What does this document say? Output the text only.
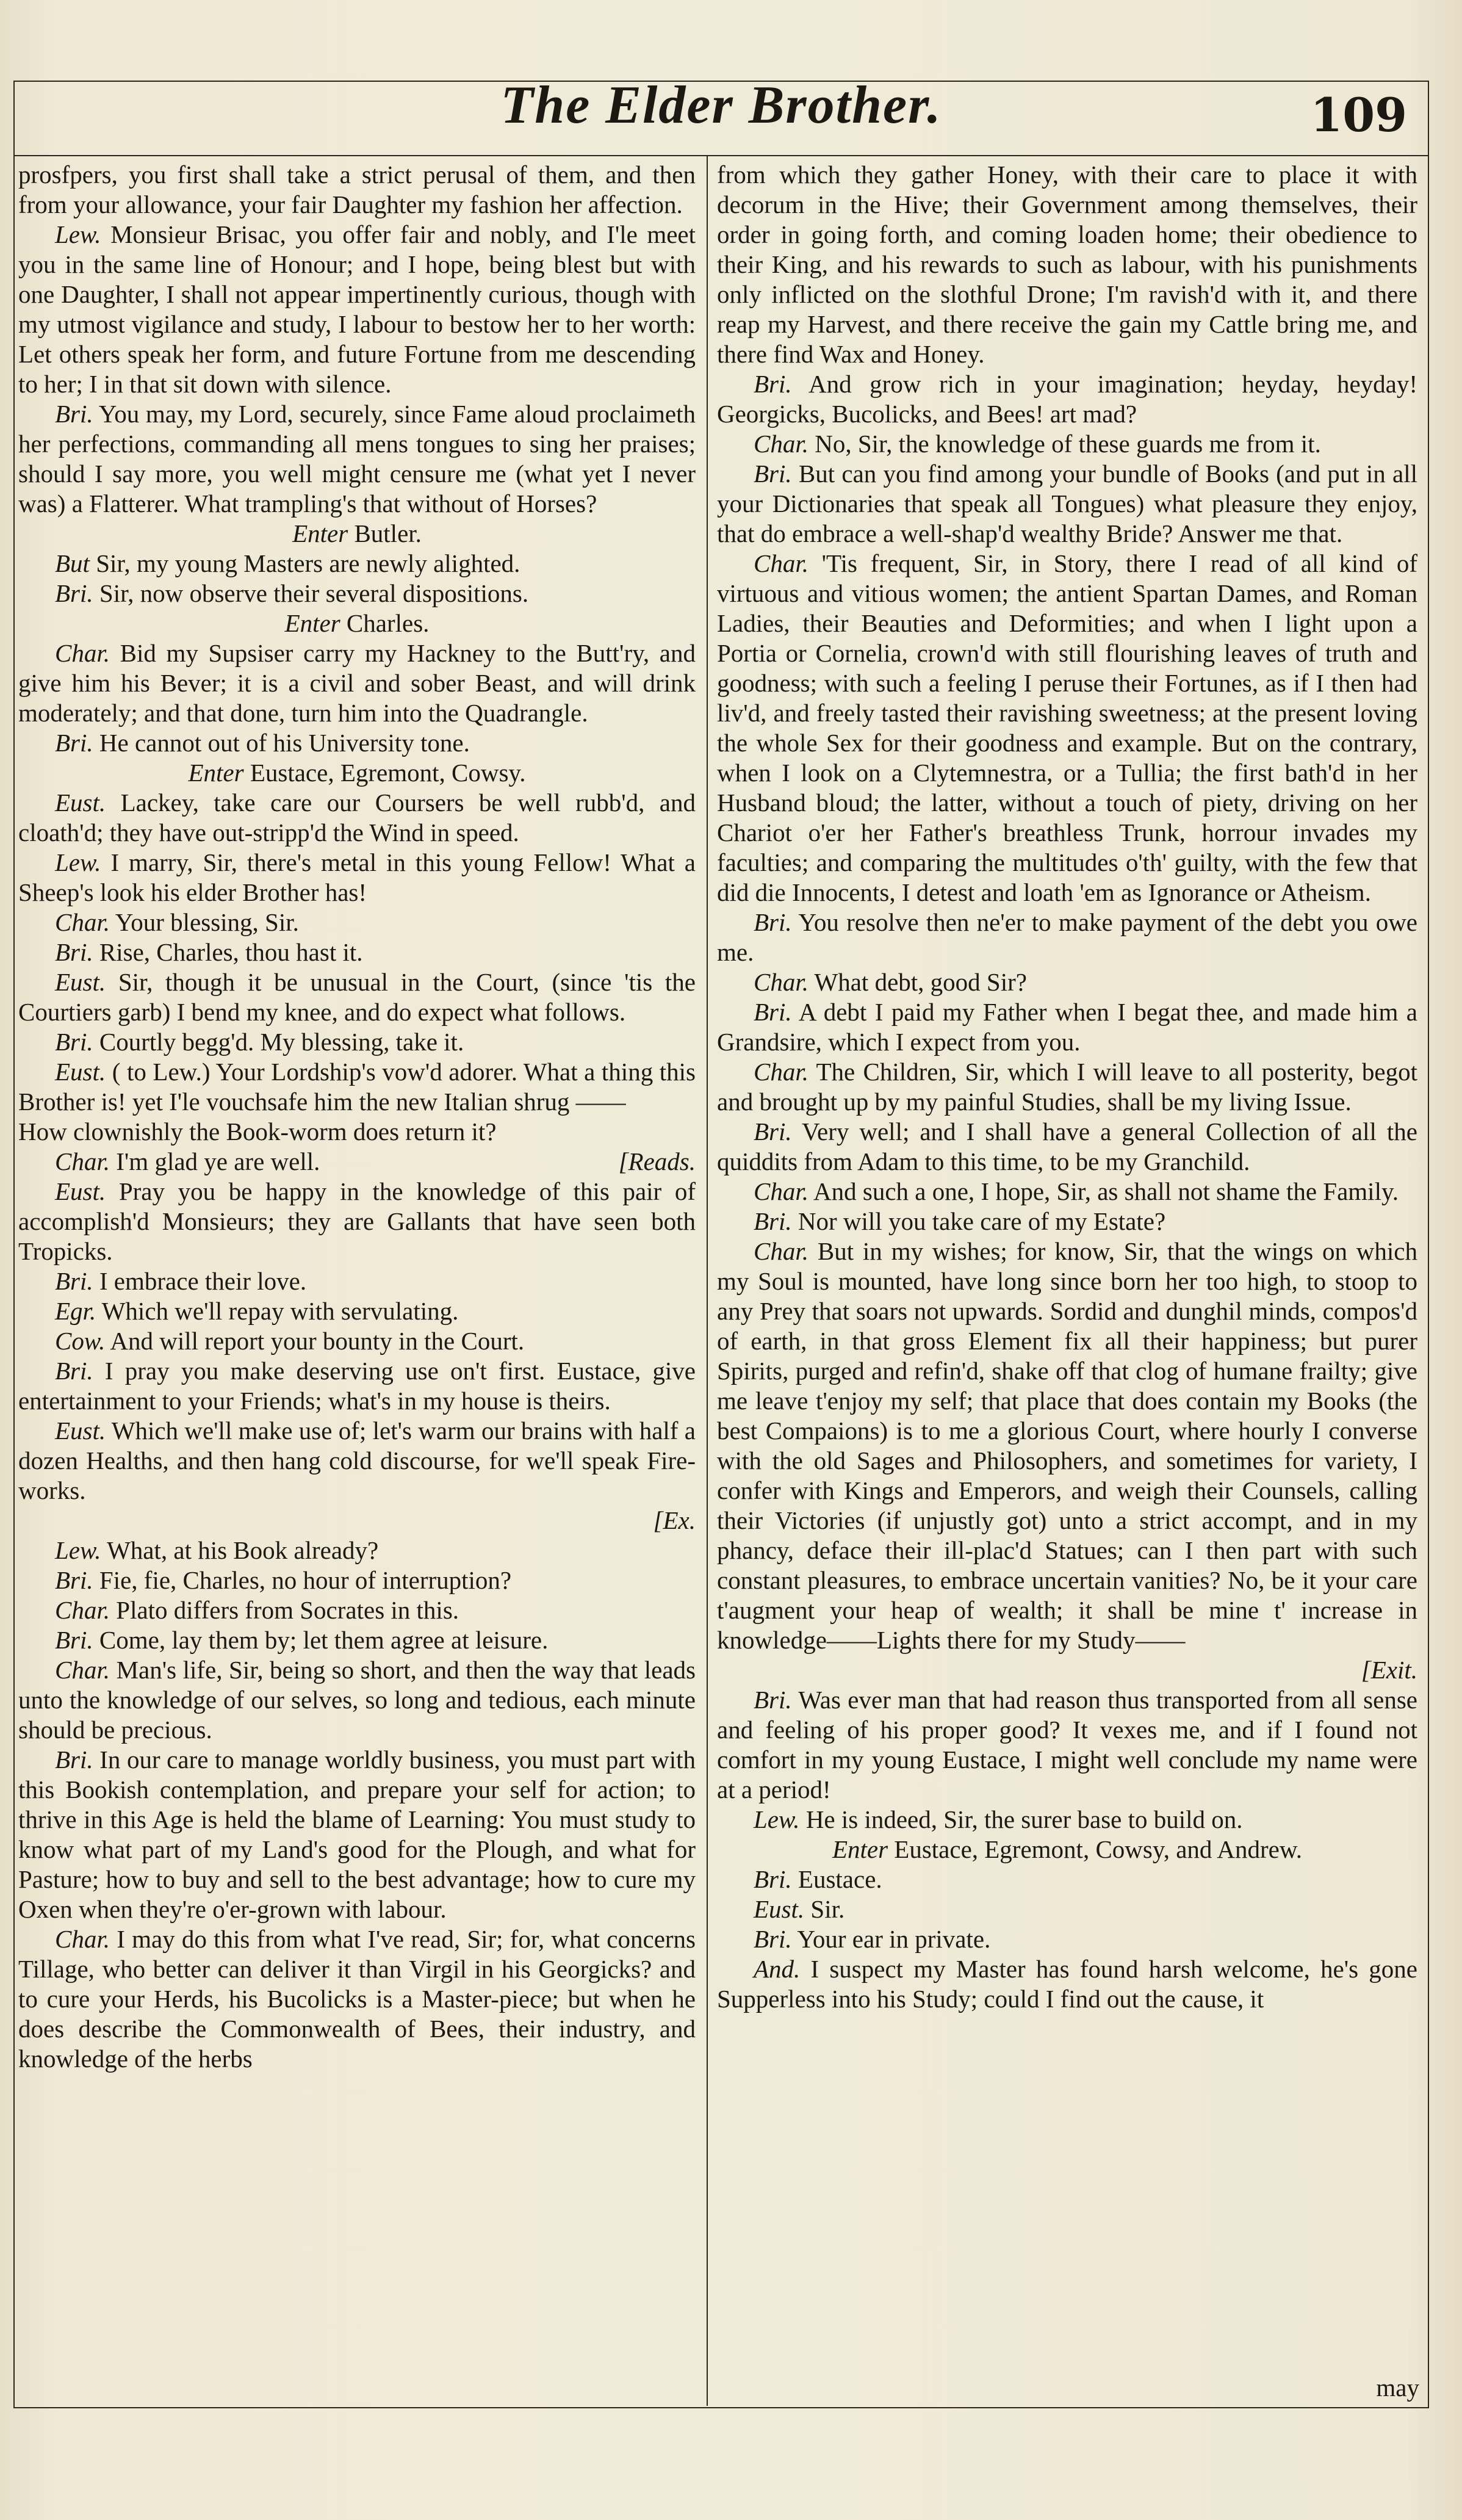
The Elder Brother.	109

prosfpers, you first shall take a strict perusal of them, and then from your allowance, your fair Daughter my fashion her affection.

Lew. Monsieur Brisac, you offer fair and nobly, and I'le meet you in the same line of Honour; and I hope, being blest but with one Daughter, I shall not appear impertinently curious, though with my utmost vigilance and study, I labour to bestow her to her worth: Let others speak her form, and future Fortune from me descending to her; I in that sit down with silence.

Bri. You may, my Lord, securely, since Fame aloud proclaimeth her perfections, commanding all mens tongues to sing her praises; should I say more, you well might censure me (what yet I never was) a Flatterer. What trampling's that without of Horses?

Enter Butler.

But Sir, my young Masters are newly alighted.

Bri. Sir, now observe their several dispositions.

Enter Charles.

Char. Bid my Supsiser carry my Hackney to the Butt'ry, and give him his Bever; it is a civil and sober Beast, and will drink moderately; and that done, turn him into the Quadrangle.

Bri. He cannot out of his University tone.

Enter Eustace, Egremont, Cowsy.

Eust. Lackey, take care our Coursers be well rubb'd, and cloath'd; they have out-stripp'd the Wind in speed.

Lew. I marry, Sir, there's metal in this young Fellow! What a Sheep's look his elder Brother has!

Char. Your blessing, Sir.

Bri. Rise, Charles, thou hast it.

Eust. Sir, though it be unusual in the Court, (since 'tis the Courtiers garb) I bend my knee, and do expect what follows.

Bri. Courtly begg'd. My blessing, take it.

Eust. ( to Lew.) Your Lordship's vow'd adorer. What a thing this Brother is! yet I'le vouchsafe him the new Italian shrug ——

How clownishly the Book-worm does return it?

Char. I'm glad ye are well.	[Reads.

Eust. Pray you be happy in the knowledge of this pair of accomplish'd Monsieurs; they are Gallants that have seen both Tropicks.

Bri. I embrace their love.

Egr. Which we'll repay with servulating.

Cow. And will report your bounty in the Court.

Bri. I pray you make deserving use on't first. Eustace, give entertainment to your Friends; what's in my house is theirs.

Eust. Which we'll make use of; let's warm our brains with half a dozen Healths, and then hang cold discourse, for we'll speak Fire-works.

[Ex.

Lew. What, at his Book already?

Bri. Fie, fie, Charles, no hour of interruption?

Char. Plato differs from Socrates in this.

Bri. Come, lay them by; let them agree at leisure.

Char. Man's life, Sir, being so short, and then the way that leads unto the knowledge of our selves, so long and tedious, each minute should be precious.

Bri. In our care to manage worldly business, you must part with this Bookish contemplation, and prepare your self for action; to thrive in this Age is held the blame of Learning: You must study to know what part of my Land's good for the Plough, and what for Pasture; how to buy and sell to the best advantage; how to cure my Oxen when they're o'er-grown with labour.

Char. I may do this from what I've read, Sir; for, what concerns Tillage, who better can deliver it than Virgil in his Georgicks? and to cure your Herds, his Bucolicks is a Master-piece; but when he does describe the Commonwealth of Bees, their industry, and knowledge of the herbs

from which they gather Honey, with their care to place it with decorum in the Hive; their Government among themselves, their order in going forth, and coming loaden home; their obedience to their King, and his rewards to such as labour, with his punishments only inflicted on the slothful Drone; I'm ravish'd with it, and there reap my Harvest, and there receive the gain my Cattle bring me, and there find Wax and Honey.

Bri. And grow rich in your imagination; heyday, heyday! Georgicks, Bucolicks, and Bees! art mad?

Char. No, Sir, the knowledge of these guards me from it.

Bri. But can you find among your bundle of Books (and put in all your Dictionaries that speak all Tongues) what pleasure they enjoy, that do embrace a well-shap'd wealthy Bride? Answer me that.

Char. 'Tis frequent, Sir, in Story, there I read of all kind of virtuous and vitious women; the antient Spartan Dames, and Roman Ladies, their Beauties and Deformities; and when I light upon a Portia or Cornelia, crown'd with still flourishing leaves of truth and goodness; with such a feeling I peruse their Fortunes, as if I then had liv'd, and freely tasted their ravishing sweetness; at the present loving the whole Sex for their goodness and example. But on the contrary, when I look on a Clytemnestra, or a Tullia; the first bath'd in her Husband bloud; the latter, without a touch of piety, driving on her Chariot o'er her Father's breathless Trunk, horrour invades my faculties; and comparing the multitudes o'th' guilty, with the few that did die Innocents, I detest and loath 'em as Ignorance or Atheism.

Bri. You resolve then ne'er to make payment of the debt you owe me.

Char. What debt, good Sir?

Bri. A debt I paid my Father when I begat thee, and made him a Grandsire, which I expect from you.

Char. The Children, Sir, which I will leave to all posterity, begot and brought up by my painful Studies, shall be my living Issue.

Bri. Very well; and I shall have a general Collection of all the quiddits from Adam to this time, to be my Granchild.

Char. And such a one, I hope, Sir, as shall not shame the Family.

Bri. Nor will you take care of my Estate?

Char. But in my wishes; for know, Sir, that the wings on which my Soul is mounted, have long since born her too high, to stoop to any Prey that soars not upwards. Sordid and dunghil minds, compos'd of earth, in that gross Element fix all their happiness; but purer Spirits, purged and refin'd, shake off that clog of humane frailty; give me leave t'enjoy my self; that place that does contain my Books (the best Compaions) is to me a glorious Court, where hourly I converse with the old Sages and Philosophers, and sometimes for variety, I confer with Kings and Emperors, and weigh their Counsels, calling their Victories (if unjustly got) unto a strict accompt, and in my phancy, deface their ill-plac'd Statues; can I then part with such constant pleasures, to embrace uncertain vanities? No, be it your care t'augment your heap of wealth; it shall be mine t' increase in knowledge——Lights there for my Study——

[Exit.

Bri. Was ever man that had reason thus transported from all sense and feeling of his proper good? It vexes me, and if I found not comfort in my young Eustace, I might well conclude my name were at a period!

Lew. He is indeed, Sir, the surer base to build on.

Enter Eustace, Egremont, Cowsy, and Andrew.

Bri. Eustace.

Eust. Sir.

Bri. Your ear in private.

And. I suspect my Master has found harsh welcome, he's gone Supperless into his Study; could I find out the cause, it

may
